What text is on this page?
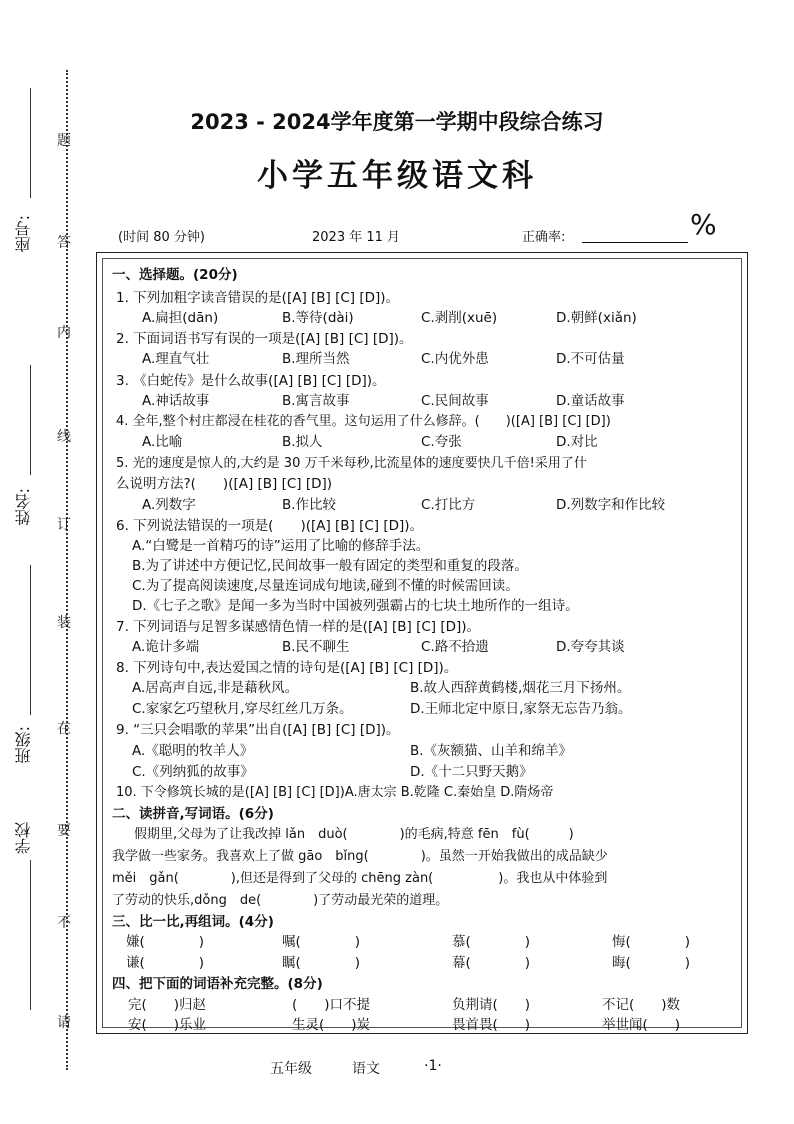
题
答
内
线
订
装
在
要
不
请
座号:
姓名:
班级:
学校
2023 - 2024学年度第一学期中段综合练习
小学五年级语文科
(时间 80 分钟)	2023 年 11 月	正确率:	%
一、选择题。(20分)
1. 下列加粗字读音错误的是([A] [B] [C] [D])。
A.扁担(dān)	B.等待(dài)	C.剥削(xuē)	D.朝鲜(xiǎn)
2. 下面词语书写有误的一项是([A] [B] [C] [D])。
A.理直气壮	B.理所当然	C.内优外患	D.不可估量
3. 《白蛇传》是什么故事([A] [B] [C] [D])。
A.神话故事	B.寓言故事	C.民间故事	D.童话故事
4. 全年,整个村庄都浸在桂花的香气里。这句运用了什么修辞。(　　)([A] [B] [C] [D])
A.比喻	B.拟人	C.夸张	D.对比
5. 光的速度是惊人的,大约是 30 万千米每秒,比流星体的速度要快几千倍!采用了什
么说明方法?(　　)([A] [B] [C] [D])
A.列数字	B.作比较	C.打比方	D.列数字和作比较
6. 下列说法错误的一项是(　　)([A] [B] [C] [D])。
A.“白鹭是一首精巧的诗”运用了比喻的修辞手法。
B.为了讲述中方便记忆,民间故事一般有固定的类型和重复的段落。
C.为了提高阅读速度,尽量连词成句地读,碰到不懂的时候需回读。
D.《七子之歌》是闻一多为当时中国被列强霸占的七块土地所作的一组诗。
7. 下列词语与足智多谋感情色情一样的是([A] [B] [C] [D])。
A.诡计多端	B.民不聊生	C.路不拾遗	D.夸夸其谈
8. 下列诗句中,表达爱国之情的诗句是([A] [B] [C] [D])。
A.居高声自远,非是藉秋风。	B.故人西辞黄鹤楼,烟花三月下扬州。
C.家家乞巧望秋月,穿尽红丝几万条。	D.王师北定中原日,家祭无忘告乃翁。
9. “三只会唱歌的苹果”出自([A] [B] [C] [D])。
A.《聪明的牧羊人》	B.《灰额猫、山羊和绵羊》
C.《列纳狐的故事》	D.《十二只野天鹅》
10. 下令修筑长城的是([A] [B] [C] [D])A.唐太宗 B.乾隆 C.秦始皇 D.隋炀帝
二、读拼音,写词语。(6分)
假期里,父母为了让我改掉 lǎn　duò(　　　　)的毛病,特意 fēn　fù(　　　)
我学做一些家务。我喜欢上了做 gāo　bǐng(　　　　)。虽然一开始我做出的成品缺少
měi　gǎn(　　　　),但还是得到了父母的 chēng zàn(　　　　　)。我也从中体验到
了劳动的快乐,dǒng　de(　　　　)了劳动最光荣的道理。
三、比一比,再组词。(4分)
嫌(　　　　)	嘱(　　　　)	慕(　　　　)	悔(　　　　)
谦(　　　　)	瞩(　　　　)	幕(　　　　)	晦(　　　　)
四、把下面的词语补充完整。(8分)
完(　　)归赵	(　　)口不提	负荆请(　　)	不记(　　)数
安(　　)乐业	生灵(　　)炭	畏首畏(　　)	举世闻(　　)
五年级	语文	·1·
